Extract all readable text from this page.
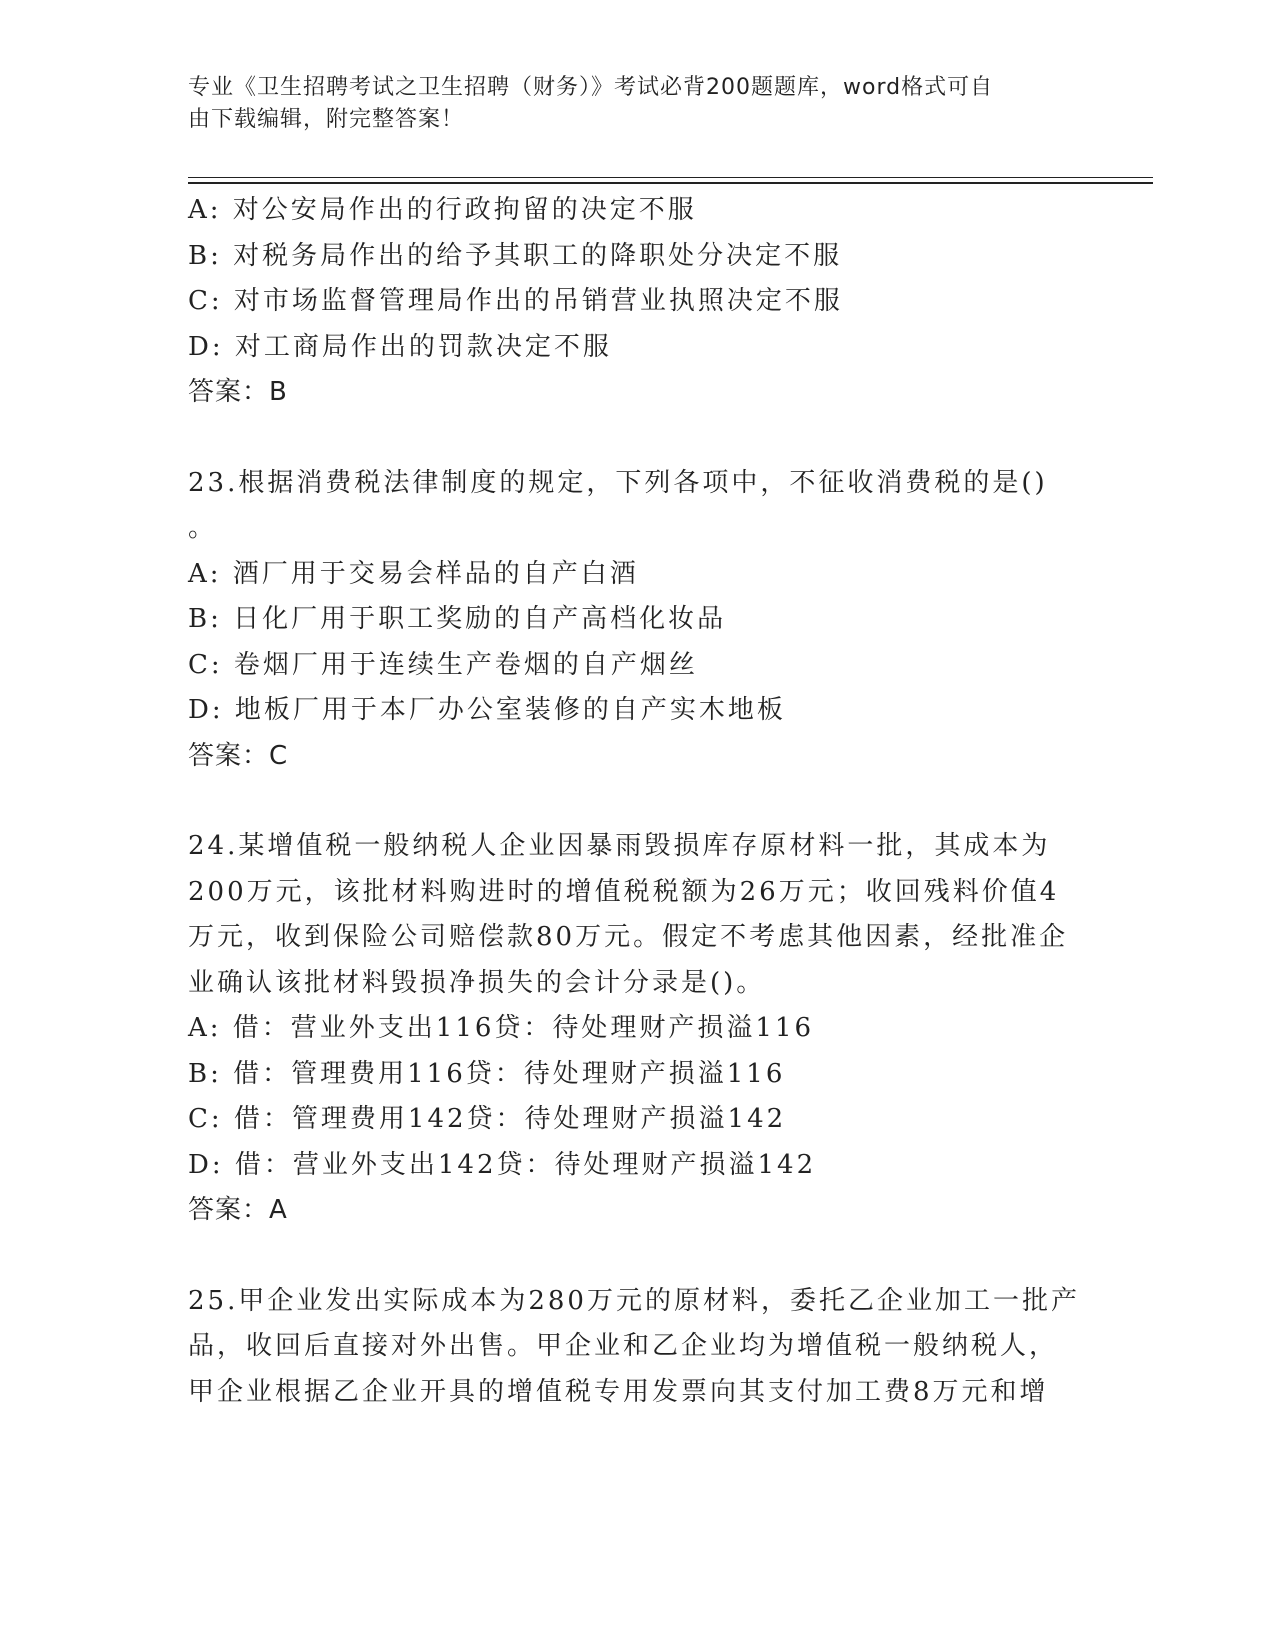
专业《卫生招聘考试之卫生招聘（财务）》考试必背200题题库，word格式可自
由下载编辑，附完整答案！
A: 对公安局作出的行政拘留的决定不服
B: 对税务局作出的给予其职工的降职处分决定不服
C: 对市场监督管理局作出的吊销营业执照决定不服
D: 对工商局作出的罚款决定不服
答案：B
23.根据消费税法律制度的规定，下列各项中，不征收消费税的是()
。
A: 酒厂用于交易会样品的自产白酒
B: 日化厂用于职工奖励的自产高档化妆品
C: 卷烟厂用于连续生产卷烟的自产烟丝
D: 地板厂用于本厂办公室装修的自产实木地板
答案：C
24.某增值税一般纳税人企业因暴雨毁损库存原材料一批，其成本为
200万元，该批材料购进时的增值税税额为26万元；收回残料价值4
万元，收到保险公司赔偿款80万元。假定不考虑其他因素，经批准企
业确认该批材料毁损净损失的会计分录是()。
A: 借：营业外支出116贷：待处理财产损溢116
B: 借：管理费用116贷：待处理财产损溢116
C: 借：管理费用142贷：待处理财产损溢142
D: 借：营业外支出142贷：待处理财产损溢142
答案：A
25.甲企业发出实际成本为280万元的原材料，委托乙企业加工一批产
品，收回后直接对外出售。甲企业和乙企业均为增值税一般纳税人，
甲企业根据乙企业开具的增值税专用发票向其支付加工费8万元和增
